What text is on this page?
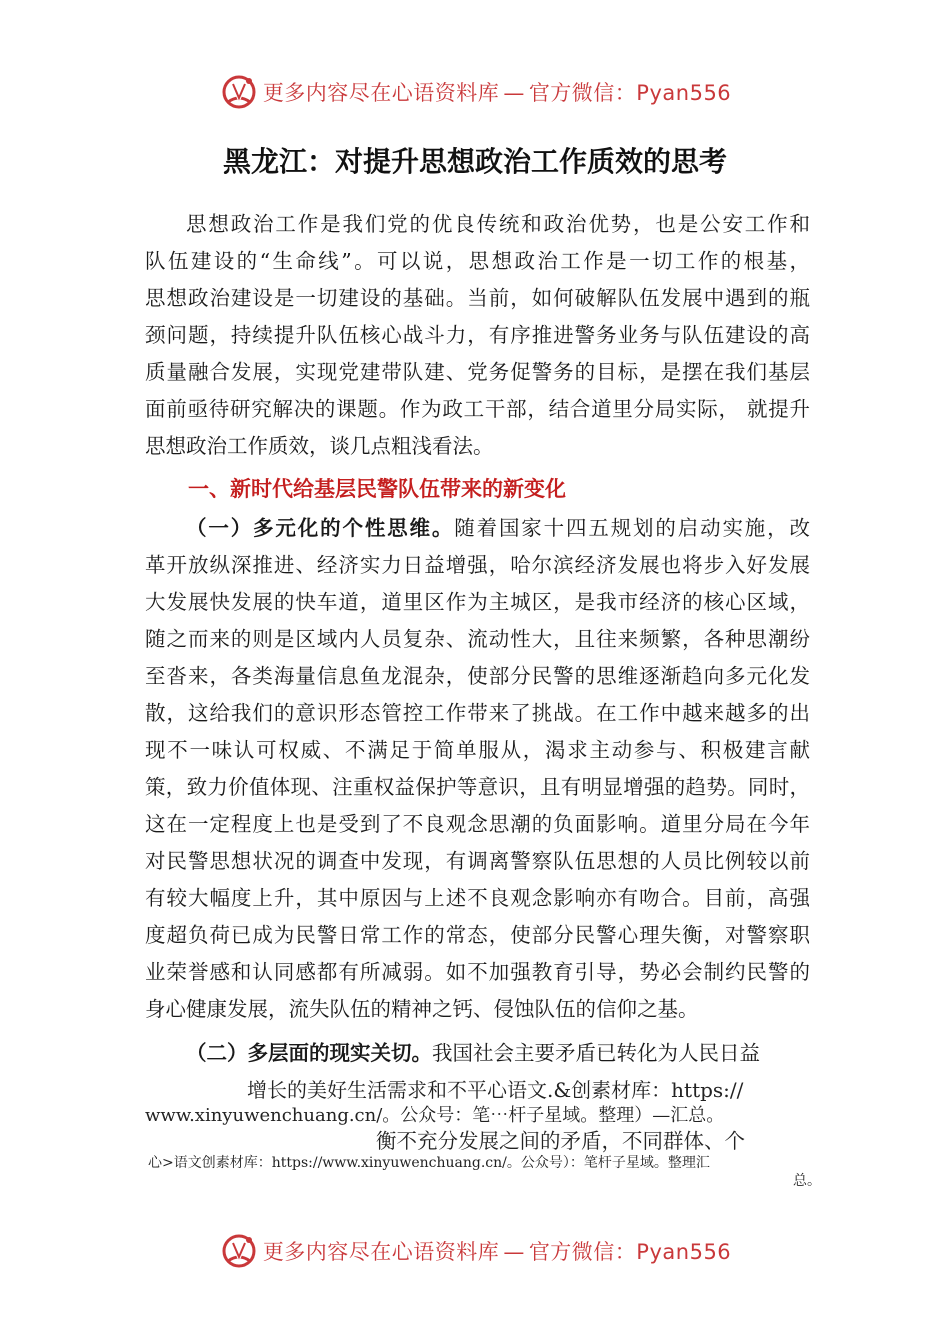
更多内容尽在心语资料库 — 官方微信：Pyan556
黑龙江：对提升思想政治工作质效的思考
思想政治工作是我们党的优良传统和政治优势，也是公安工作和
队伍建设的“生命线”。可以说，思想政治工作是一切工作的根基，
思想政治建设是一切建设的基础。当前，如何破解队伍发展中遇到的瓶
颈问题，持续提升队伍核心战斗力，有序推进警务业务与队伍建设的高
质量融合发展，实现党建带队建、党务促警务的目标，是摆在我们基层
面前亟待研究解决的课题。作为政工干部，结合道里分局实际， 就提升
思想政治工作质效，谈几点粗浅看法。
一、新时代给基层民警队伍带来的新变化
（一）多元化的个性思维。随着国家十四五规划的启动实施，改
革开放纵深推进、经济实力日益增强，哈尔滨经济发展也将步入好发展
大发展快发展的快车道，道里区作为主城区，是我市经济的核心区域，
随之而来的则是区域内人员复杂、流动性大，且往来频繁，各种思潮纷
至沓来，各类海量信息鱼龙混杂，使部分民警的思维逐渐趋向多元化发
散，这给我们的意识形态管控工作带来了挑战。在工作中越来越多的出
现不一味认可权威、不满足于简单服从，渴求主动参与、积极建言献
策，致力价值体现、注重权益保护等意识，且有明显增强的趋势。同时，
这在一定程度上也是受到了不良观念思潮的负面影响。道里分局在今年
对民警思想状况的调查中发现，有调离警察队伍思想的人员比例较以前
有较大幅度上升，其中原因与上述不良观念影响亦有吻合。目前，高强
度超负荷已成为民警日常工作的常态，使部分民警心理失衡，对警察职
业荣誉感和认同感都有所减弱。如不加强教育引导，势必会制约民警的
身心健康发展，流失队伍的精神之钙、侵蚀队伍的信仰之基。
（二）多层面的现实关切。我国社会主要矛盾已转化为人民日益
增长的美好生活需求和不平心语文.&创素材库：https://
www.xinyuwenchuang.cn/。公众号：笔⋯杆子星域。整理）—汇总。
衡不充分发展之间的矛盾，不同群体、个
心>语文创素材库：https://www.xinyuwenchuang.cn/。公众号）：笔杆子星域。整理汇
总。
更多内容尽在心语资料库 — 官方微信：Pyan556
